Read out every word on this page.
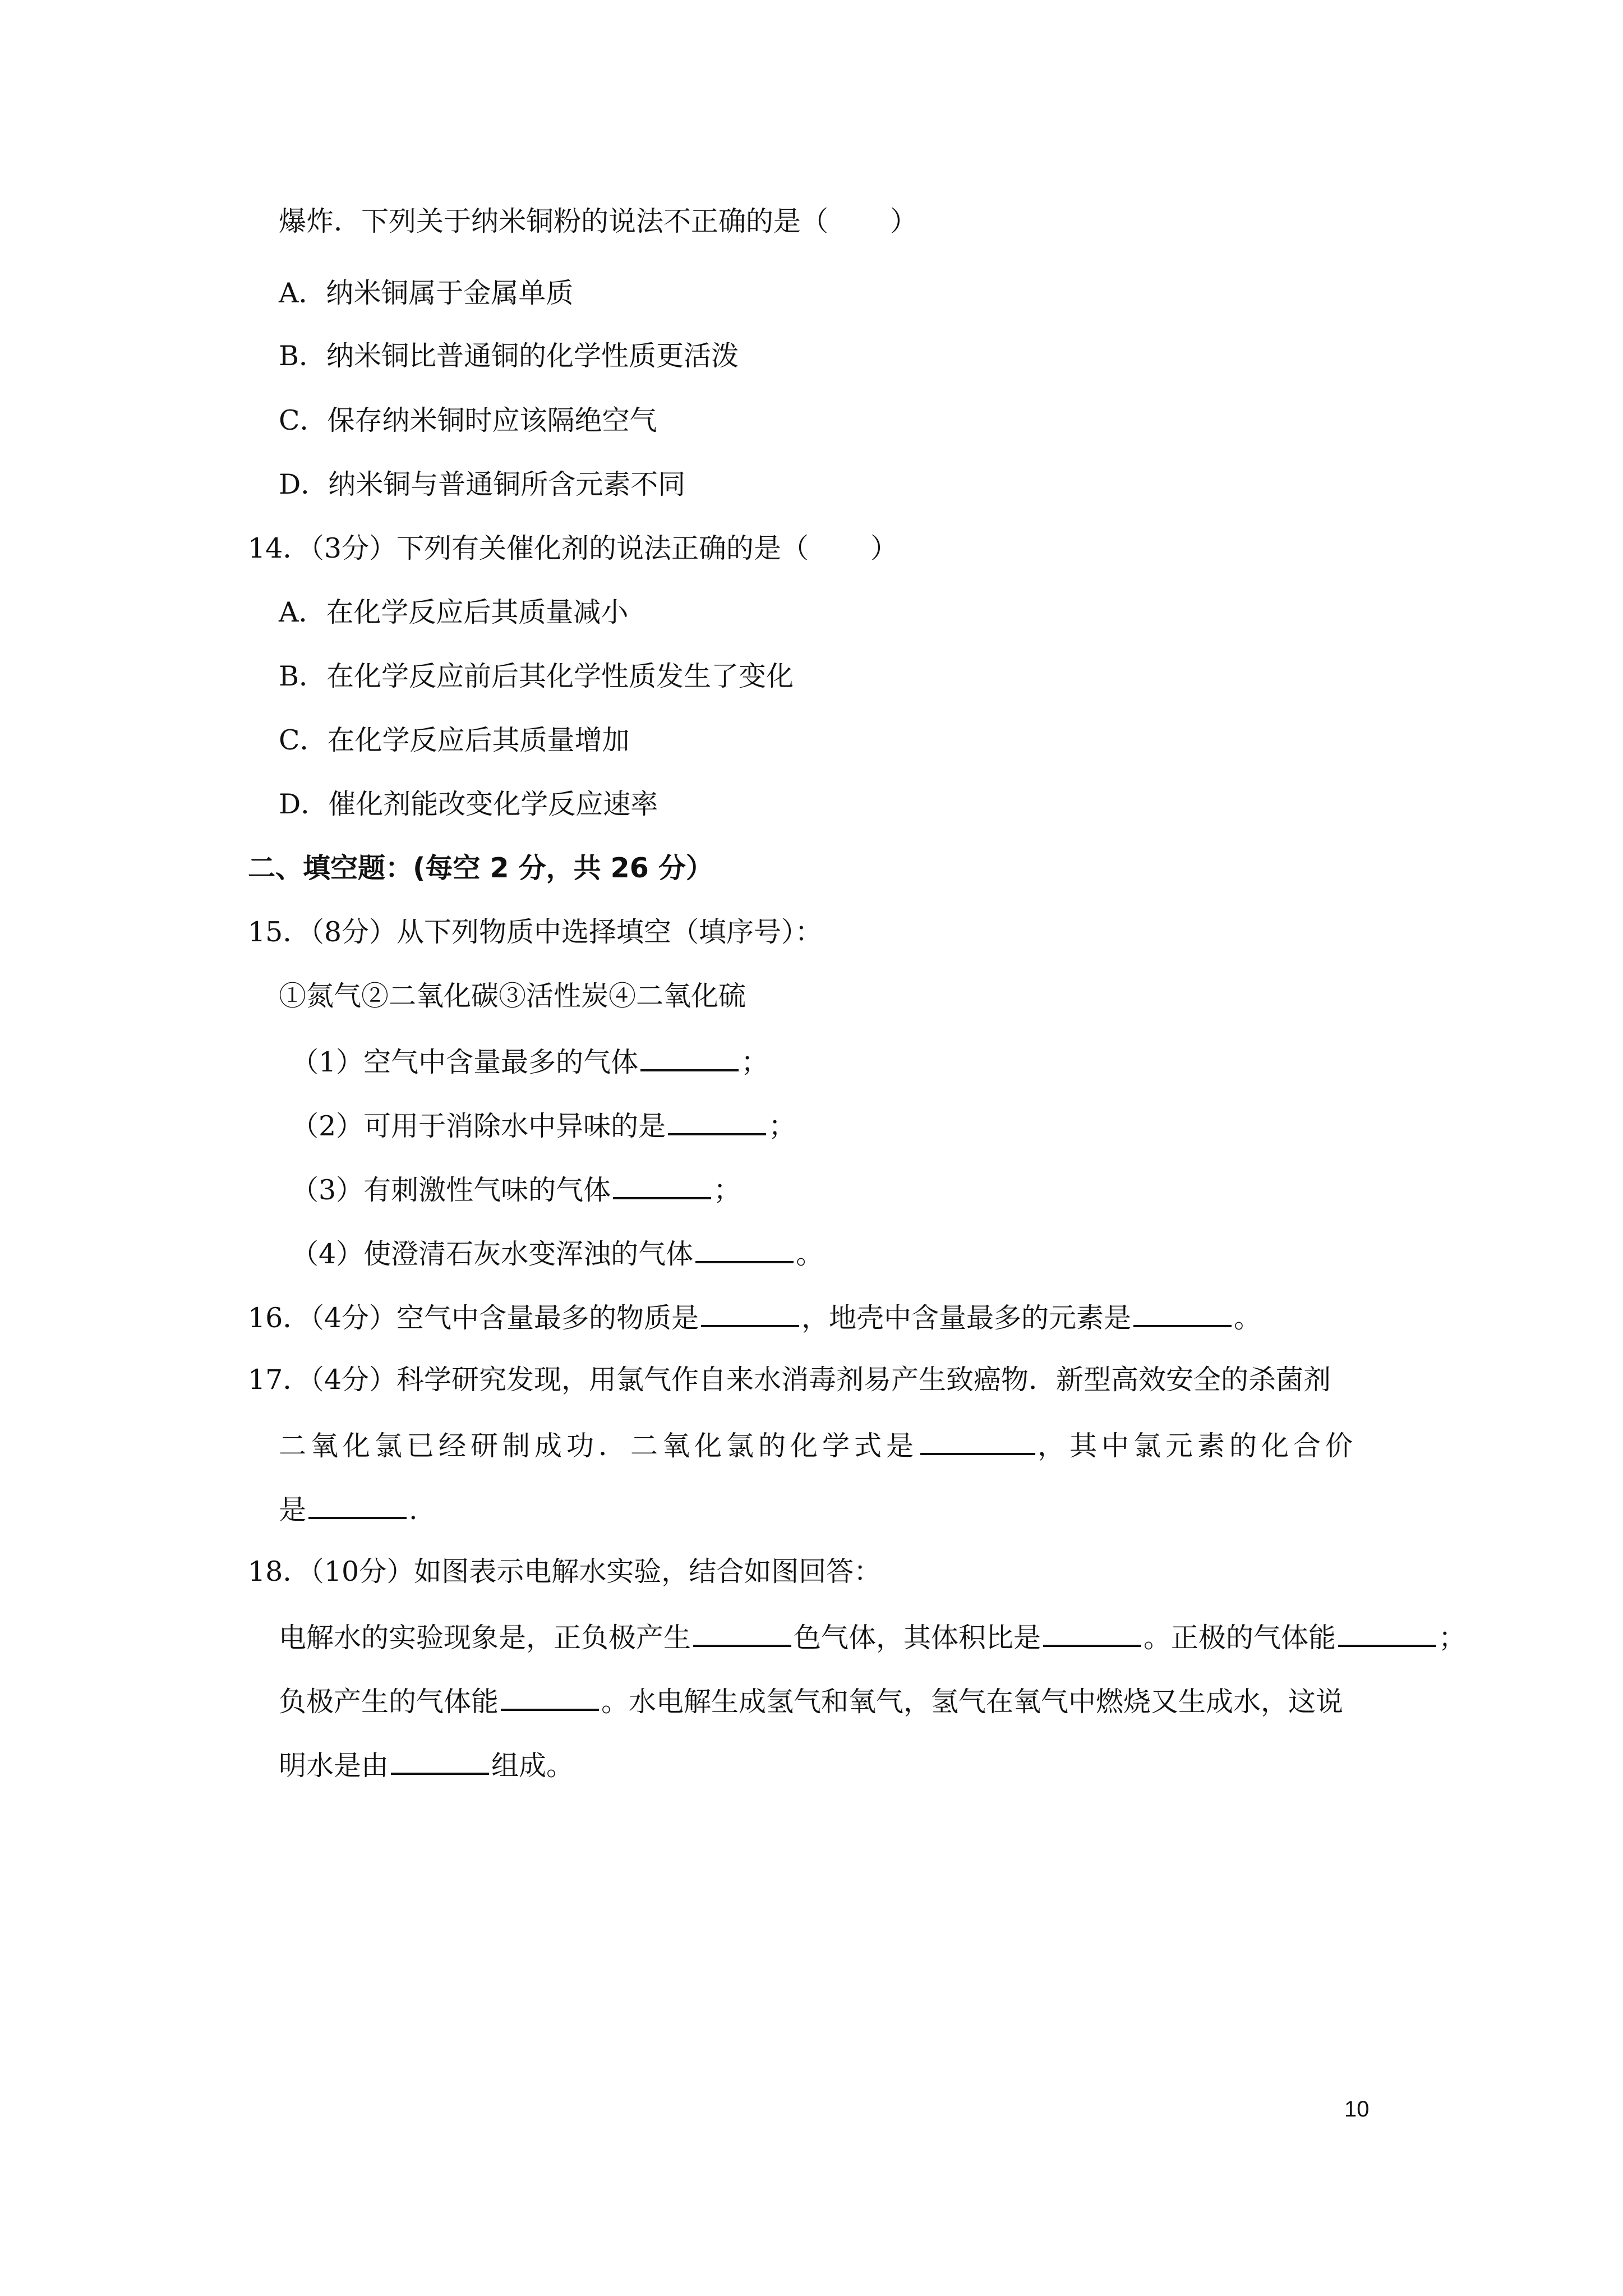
爆炸．下列关于纳米铜粉的说法不正确的是（ ）
A．纳米铜属于金属单质
B．纳米铜比普通铜的化学性质更活泼
C．保存纳米铜时应该隔绝空气
D．纳米铜与普通铜所含元素不同
14．（3分）下列有关催化剂的说法正确的是（ ）
A．在化学反应后其质量减小
B．在化学反应前后其化学性质发生了变化
C．在化学反应后其质量增加
D．催化剂能改变化学反应速率
二、填空题：(每空 2 分，共 26 分）
15．（8分）从下列物质中选择填空（填序号）：
①氮气②二氧化碳③活性炭④二氧化硫
（1）空气中含量最多的气体	；
（2）可用于消除水中异味的是	；
（3）有刺激性气味的气体	；
（4）使澄清石灰水变浑浊的气体	。
16．（4分）空气中含量最多的物质是	，地壳中含量最多的元素是	。
17．（4分）科学研究发现，用氯气作自来水消毒剂易产生致癌物．新型高效安全的杀菌剂
二氧化氯已经研制成功．二氧化氯的化学式是	，其中氯元素的化合价
是	.
18．（10分）如图表示电解水实验，结合如图回答：
电解水的实验现象是，正负极产生	色气体，其体积比是	。正极的气体能	；
负极产生的气体能	。水电解生成氢气和氧气，氢气在氧气中燃烧又生成水，这说
明水是由	组成。
10
